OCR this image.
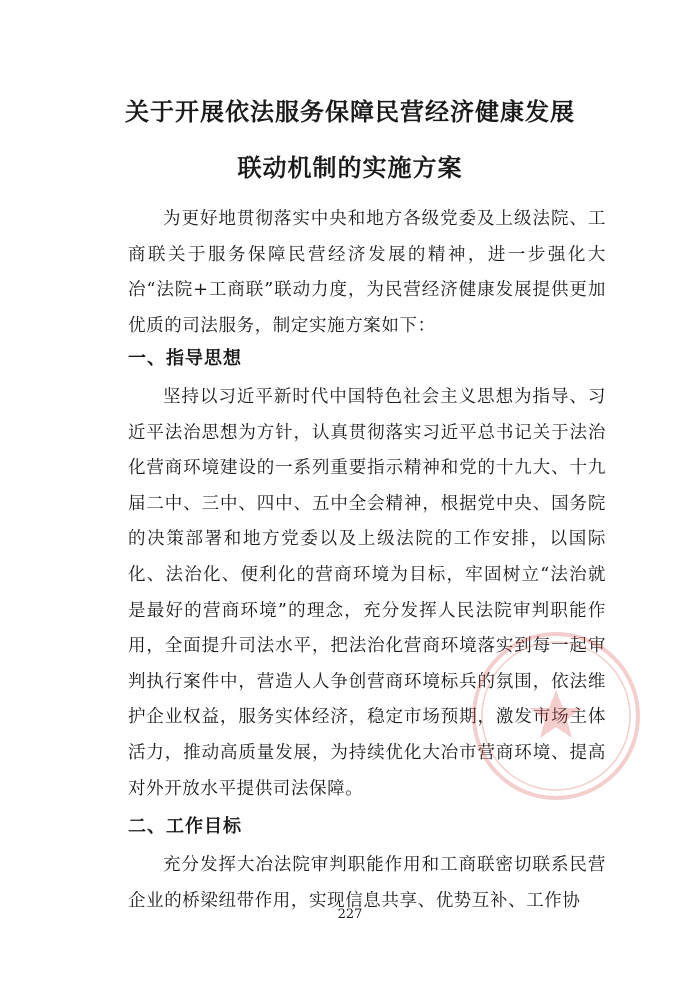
关于开展依法服务保障民营经济健康发展
联动机制的实施方案

为更好地贯彻落实中央和地方各级党委及上级法院、工商联关于服务保障民营经济发展的精神，进一步强化大冶“法院+工商联”联动力度，为民营经济健康发展提供更加优质的司法服务，制定实施方案如下：

一、指导思想

坚持以习近平新时代中国特色社会主义思想为指导、习近平法治思想为方针，认真贯彻落实习近平总书记关于法治化营商环境建设的一系列重要指示精神和党的十九大、十九届二中、三中、四中、五中全会精神，根据党中央、国务院的决策部署和地方党委以及上级法院的工作安排，以国际化、法治化、便利化的营商环境为目标，牢固树立“法治就是最好的营商环境”的理念，充分发挥人民法院审判职能作用，全面提升司法水平，把法治化营商环境落实到每一起审判执行案件中，营造人人争创营商环境标兵的氛围，依法维护企业权益，服务实体经济，稳定市场预期，激发市场主体活力，推动高质量发展，为持续优化大冶市营商环境、提高对外开放水平提供司法保障。

二、工作目标

充分发挥大冶法院审判职能作用和工商联密切联系民营企业的桥梁纽带作用，实现信息共享、优势互补、工作协

227
